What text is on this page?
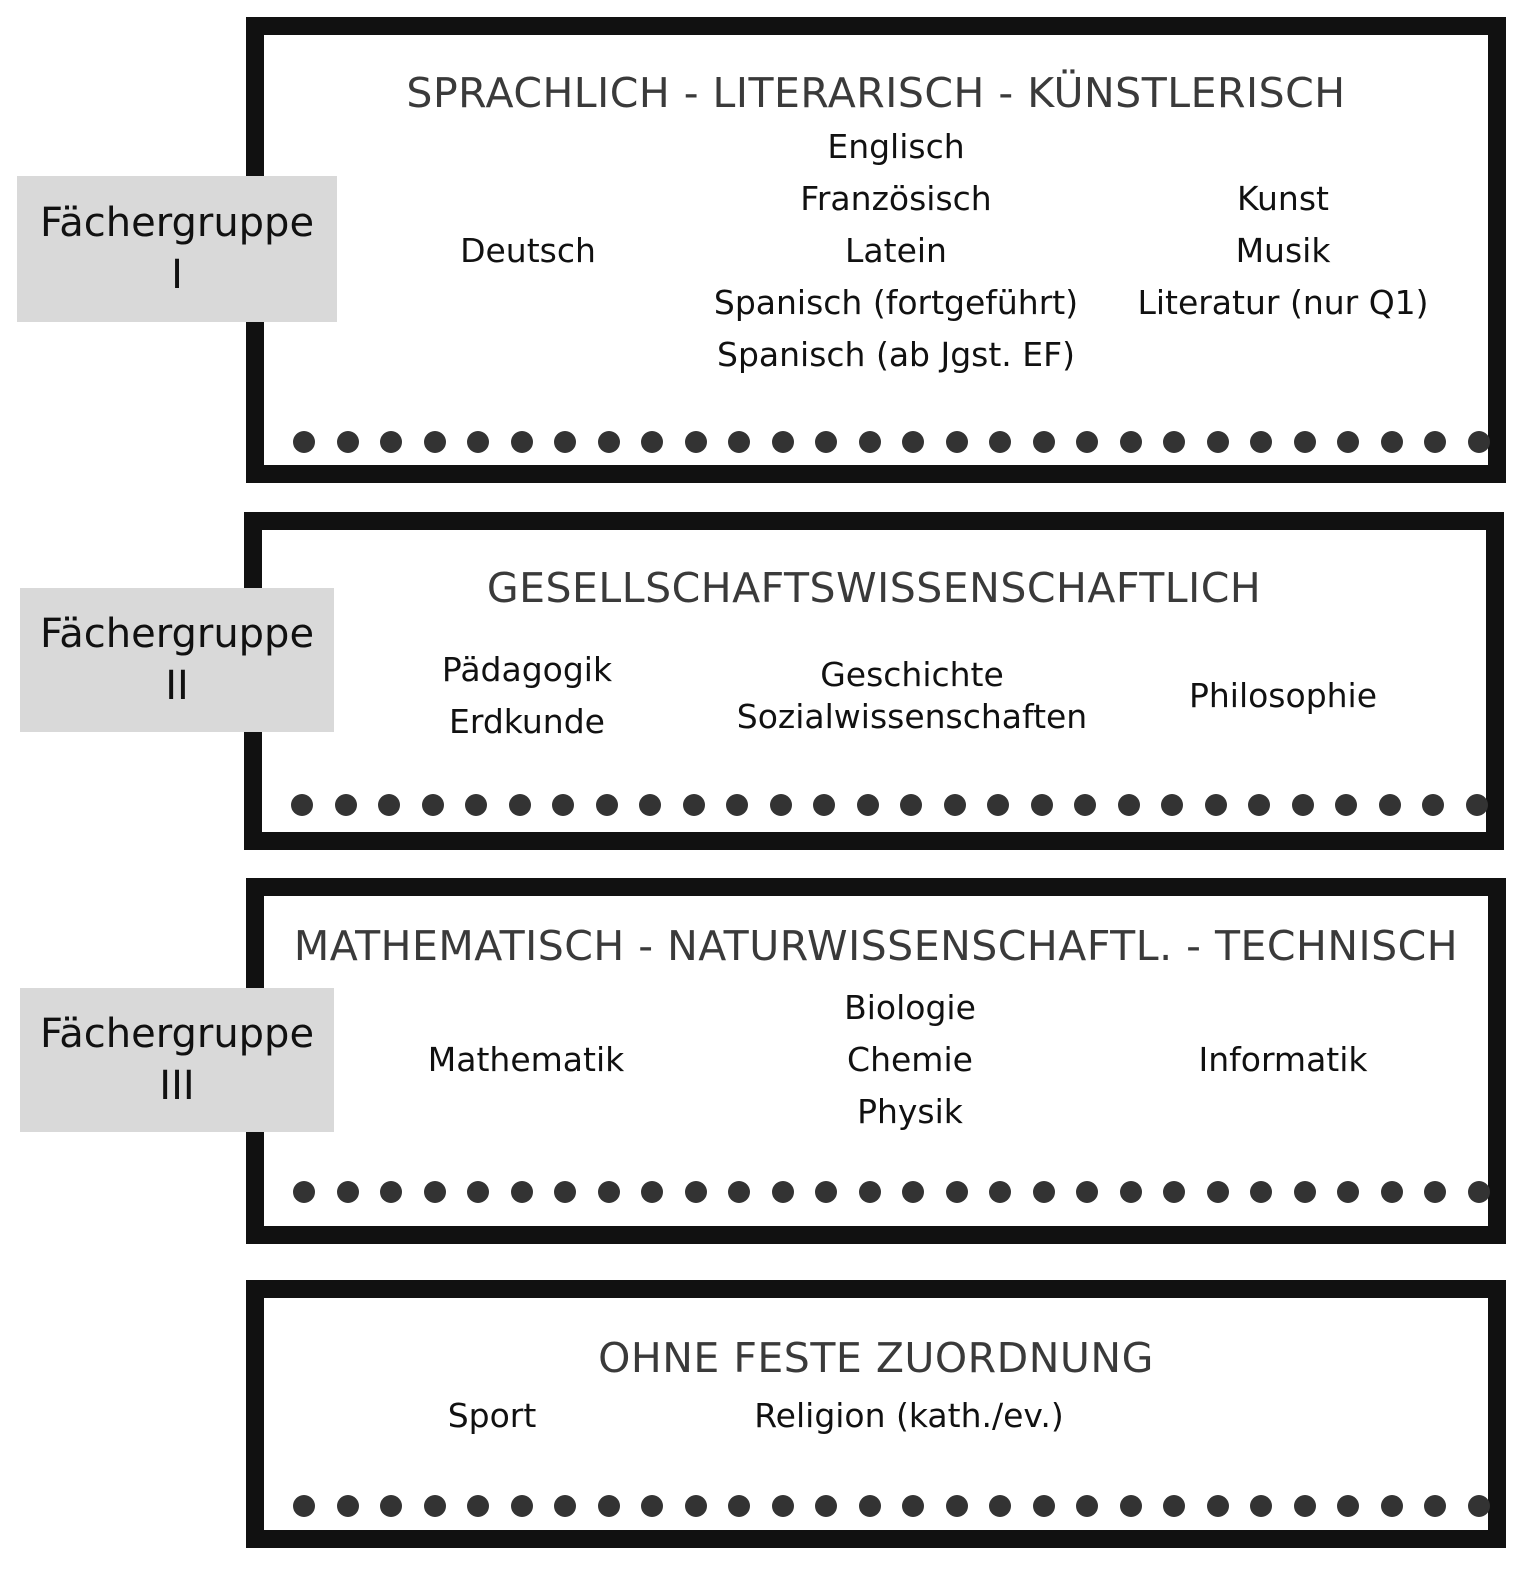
SPRACHLICH - LITERARISCH - KÜNSTLERISCH
Deutsch
Englisch
Französisch
Latein
Spanisch (fortgeführt)
Spanisch (ab Jgst. EF)
Kunst
Musik
Literatur (nur Q1)
GESELLSCHAFTSWISSENSCHAFTLICH
Pädagogik
Erdkunde
Geschichte
Sozialwissenschaften
Philosophie
MATHEMATISCH - NATURWISSENSCHAFTL. - TECHNISCH
Mathematik
Biologie
Chemie
Physik
Informatik
OHNE FESTE ZUORDNUNG
Sport	Religion (kath./ev.)
Fächergruppe
I
Fächergruppe
II
Fächergruppe
III
